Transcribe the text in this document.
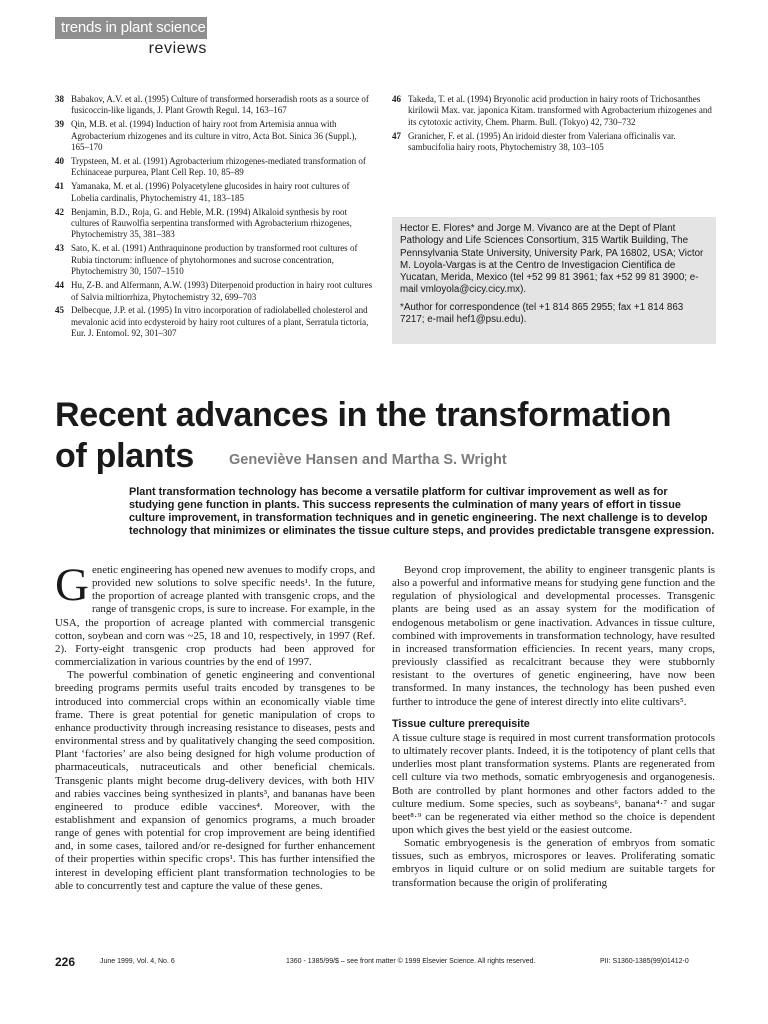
trends in plant science
reviews
38 Babakov, A.V. et al. (1995) Culture of transformed horseradish roots as a source of fusicoccin-like ligands, J. Plant Growth Regul. 14, 163–167
39 Qin, M.B. et al. (1994) Induction of hairy root from Artemisia annua with Agrobacterium rhizogenes and its culture in vitro, Acta Bot. Sinica 36 (Suppl.), 165–170
40 Trypsteen, M. et al. (1991) Agrobacterium rhizogenes-mediated transformation of Echinaceae purpurea, Plant Cell Rep. 10, 85–89
41 Yamanaka, M. et al. (1996) Polyacetylene glucosides in hairy root cultures of Lobelia cardinalis, Phytochemistry 41, 183–185
42 Benjamin, B.D., Roja, G. and Heble, M.R. (1994) Alkaloid synthesis by root cultures of Rauwolfia serpentina transformed with Agrobacterium rhizogenes, Phytochemistry 35, 381–383
43 Sato, K. et al. (1991) Anthraquinone production by transformed root cultures of Rubia tinctorum: influence of phytohormones and sucrose concentration, Phytochemistry 30, 1507–1510
44 Hu, Z-B. and Alfermann, A.W. (1993) Diterpenoid production in hairy root cultures of Salvia miltiorrhiza, Phytochemistry 32, 699–703
45 Delbecque, J.P. et al. (1995) In vitro incorporation of radiolabelled cholesterol and mevalonic acid into ecdysteroid by hairy root cultures of a plant, Serratula tictoria, Eur. J. Entomol. 92, 301–307
46 Takeda, T. et al. (1994) Bryonolic acid production in hairy roots of Trichosanthes kirilowii Max. var. japonica Kitam. transformed with Agrobacterium rhizogenes and its cytotoxic activity, Chem. Pharm. Bull. (Tokyo) 42, 730–732
47 Granicher, F. et al. (1995) An iridoid diester from Valeriana officinalis var. sambucifolia hairy roots, Phytochemistry 38, 103–105

Hector E. Flores* and Jorge M. Vivanco are at the Dept of Plant Pathology and Life Sciences Consortium, 315 Wartik Building, The Pennsylvania State University, University Park, PA 16802, USA; Victor M. Loyola-Vargas is at the Centro de Investigacion Cientifica de Yucatan, Merida, Mexico (tel +52 99 81 3961; fax +52 99 81 3900; e-mail vmloyola@cicy.cicy.mx).

*Author for correspondence (tel +1 814 865 2955; fax +1 814 863 7217; e-mail hef1@psu.edu).

Recent advances in the transformation
of plants Geneviève Hansen and Martha S. Wright

Plant transformation technology has become a versatile platform for cultivar improvement as well as for studying gene function in plants. This success represents the culmination of many years of effort in tissue culture improvement, in transformation techniques and in genetic engineering. The next challenge is to develop technology that minimizes or eliminates the tissue culture steps, and provides predictable transgene expression.

Genetic engineering has opened new avenues to modify crops, and provided new solutions to solve specific needs¹. In the future, the proportion of acreage planted with transgenic crops, and the range of transgenic crops, is sure to increase. For example, in the USA, the proportion of acreage planted with commercial transgenic cotton, soybean and corn was ~25, 18 and 10, respectively, in 1997 (Ref. 2). Forty-eight transgenic crop products had been approved for commercialization in various countries by the end of 1997.

The powerful combination of genetic engineering and conventional breeding programs permits useful traits encoded by transgenes to be introduced into commercial crops within an economically viable time frame. There is great potential for genetic manipulation of crops to enhance productivity through increasing resistance to diseases, pests and environmental stress and by qualitatively changing the seed composition. Plant ‘factories’ are also being designed for high volume production of pharmaceuticals, nutraceuticals and other beneficial chemicals. Transgenic plants might become drug-delivery devices, with both HIV and rabies vaccines being synthesized in plants³, and bananas have been engineered to produce edible vaccines⁴. Moreover, with the establishment and expansion of genomics programs, a much broader range of genes with potential for crop improvement are being identified and, in some cases, tailored and/or re-designed for further enhancement of their properties within specific crops¹. This has further intensified the interest in developing efficient plant transformation technologies to be able to concurrently test and capture the value of these genes.

Beyond crop improvement, the ability to engineer transgenic plants is also a powerful and informative means for studying gene function and the regulation of physiological and developmental processes. Transgenic plants are being used as an assay system for the modification of endogenous metabolism or gene inactivation. Advances in tissue culture, combined with improvements in transformation technology, have resulted in increased transformation efficiencies. In recent years, many crops, previously classified as recalcitrant because they were stubbornly resistant to the overtures of genetic engineering, have now been transformed. In many instances, the technology has been pushed even further to introduce the gene of interest directly into elite cultivars⁵.

Tissue culture prerequisite

A tissue culture stage is required in most current transformation protocols to ultimately recover plants. Indeed, it is the totipotency of plant cells that underlies most plant transformation systems. Plants are regenerated from cell culture via two methods, somatic embryogenesis and organogenesis. Both are controlled by plant hormones and other factors added to the culture medium. Some species, such as soybeans⁶, banana⁴·⁷ and sugar beet⁸·⁹ can be regenerated via either method so the choice is dependent upon which gives the best yield or the easiest outcome.

Somatic embryogenesis is the generation of embryos from somatic tissues, such as embryos, microspores or leaves. Proliferating somatic embryos in liquid culture or on solid medium are suitable targets for transformation because the origin of proliferating

226	June 1999, Vol. 4, No. 6	1360 - 1385/99/$ – see front matter © 1999 Elsevier Science. All rights reserved.	PII: S1360-1385(99)01412-0
